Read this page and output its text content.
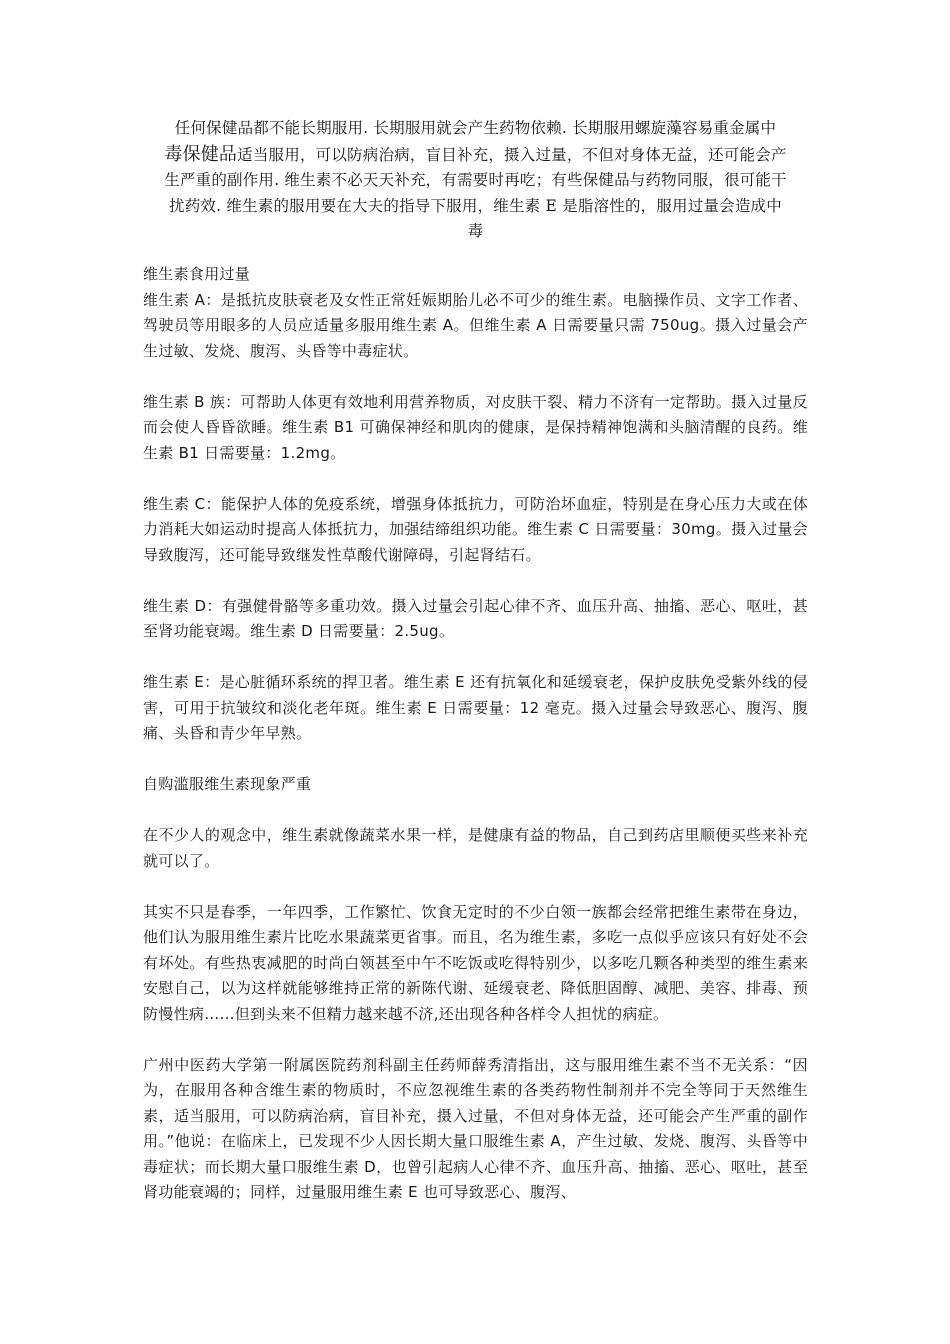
任何保健品都不能长期服用. 长期服用就会产生药物依赖. 长期服用螺旋藻容易重金属中
毒保健品适当服用，可以防病治病，盲目补充，摄入过量，不但对身体无益，还可能会产
生严重的副作用. 维生素不必天天补充，有需要时再吃；有些保健品与药物同服，很可能干
扰药效. 维生素的服用要在大夫的指导下服用，维生素 E 是脂溶性的，服用过量会造成中
毒

维生素食用过量

维生素 A：是抵抗皮肤衰老及女性正常妊娠期胎儿必不可少的维生素。电脑操作员、文字工作者、驾驶员等用眼多的人员应适量多服用维生素 A。但维生素 A 日需要量只需 750ug。摄入过量会产生过敏、发烧、腹泻、头昏等中毒症状。

维生素 B 族：可帮助人体更有效地利用营养物质，对皮肤干裂、精力不济有一定帮助。摄入过量反而会使人昏昏欲睡。维生素 B1 可确保神经和肌肉的健康，是保持精神饱满和头脑清醒的良药。维生素 B1 日需要量：1.2mg。

维生素 C：能保护人体的免疫系统，增强身体抵抗力，可防治坏血症，特别是在身心压力大或在体力消耗大如运动时提高人体抵抗力，加强结缔组织功能。维生素 C 日需要量：30mg。摄入过量会导致腹泻，还可能导致继发性草酸代谢障碍，引起肾结石。

维生素 D：有强健骨骼等多重功效。摄入过量会引起心律不齐、血压升高、抽搐、恶心、呕吐，甚至肾功能衰竭。维生素 D 日需要量：2.5ug。

维生素 E：是心脏循环系统的捍卫者。维生素 E 还有抗氧化和延缓衰老，保护皮肤免受紫外线的侵害，可用于抗皱纹和淡化老年斑。维生素 E 日需要量：12 毫克。摄入过量会导致恶心、腹泻、腹痛、头昏和青少年早熟。

自购滥服维生素现象严重

在不少人的观念中，维生素就像蔬菜水果一样，是健康有益的物品，自己到药店里顺便买些来补充就可以了。

其实不只是春季，一年四季，工作繁忙、饮食无定时的不少白领一族都会经常把维生素带在身边，他们认为服用维生素片比吃水果蔬菜更省事。而且，名为维生素，多吃一点似乎应该只有好处不会有坏处。有些热衷减肥的时尚白领甚至中午不吃饭或吃得特别少，以多吃几颗各种类型的维生素来安慰自己，以为这样就能够维持正常的新陈代谢、延缓衰老、降低胆固醇、减肥、美容、排毒、预防慢性病……但到头来不但精力越来越不济,还出现各种各样令人担忧的病症。

广州中医药大学第一附属医院药剂科副主任药师薛秀清指出，这与服用维生素不当不无关系：“因为，在服用各种含维生素的物质时，不应忽视维生素的各类药物性制剂并不完全等同于天然维生素，适当服用，可以防病治病，盲目补充，摄入过量，不但对身体无益，还可能会产生严重的副作用。”他说：在临床上，已发现不少人因长期大量口服维生素 A，产生过敏、发烧、腹泻、头昏等中毒症状；而长期大量口服维生素 D，也曾引起病人心律不齐、血压升高、抽搐、恶心、呕吐，甚至肾功能衰竭的；同样，过量服用维生素 E 也可导致恶心、腹泻、
